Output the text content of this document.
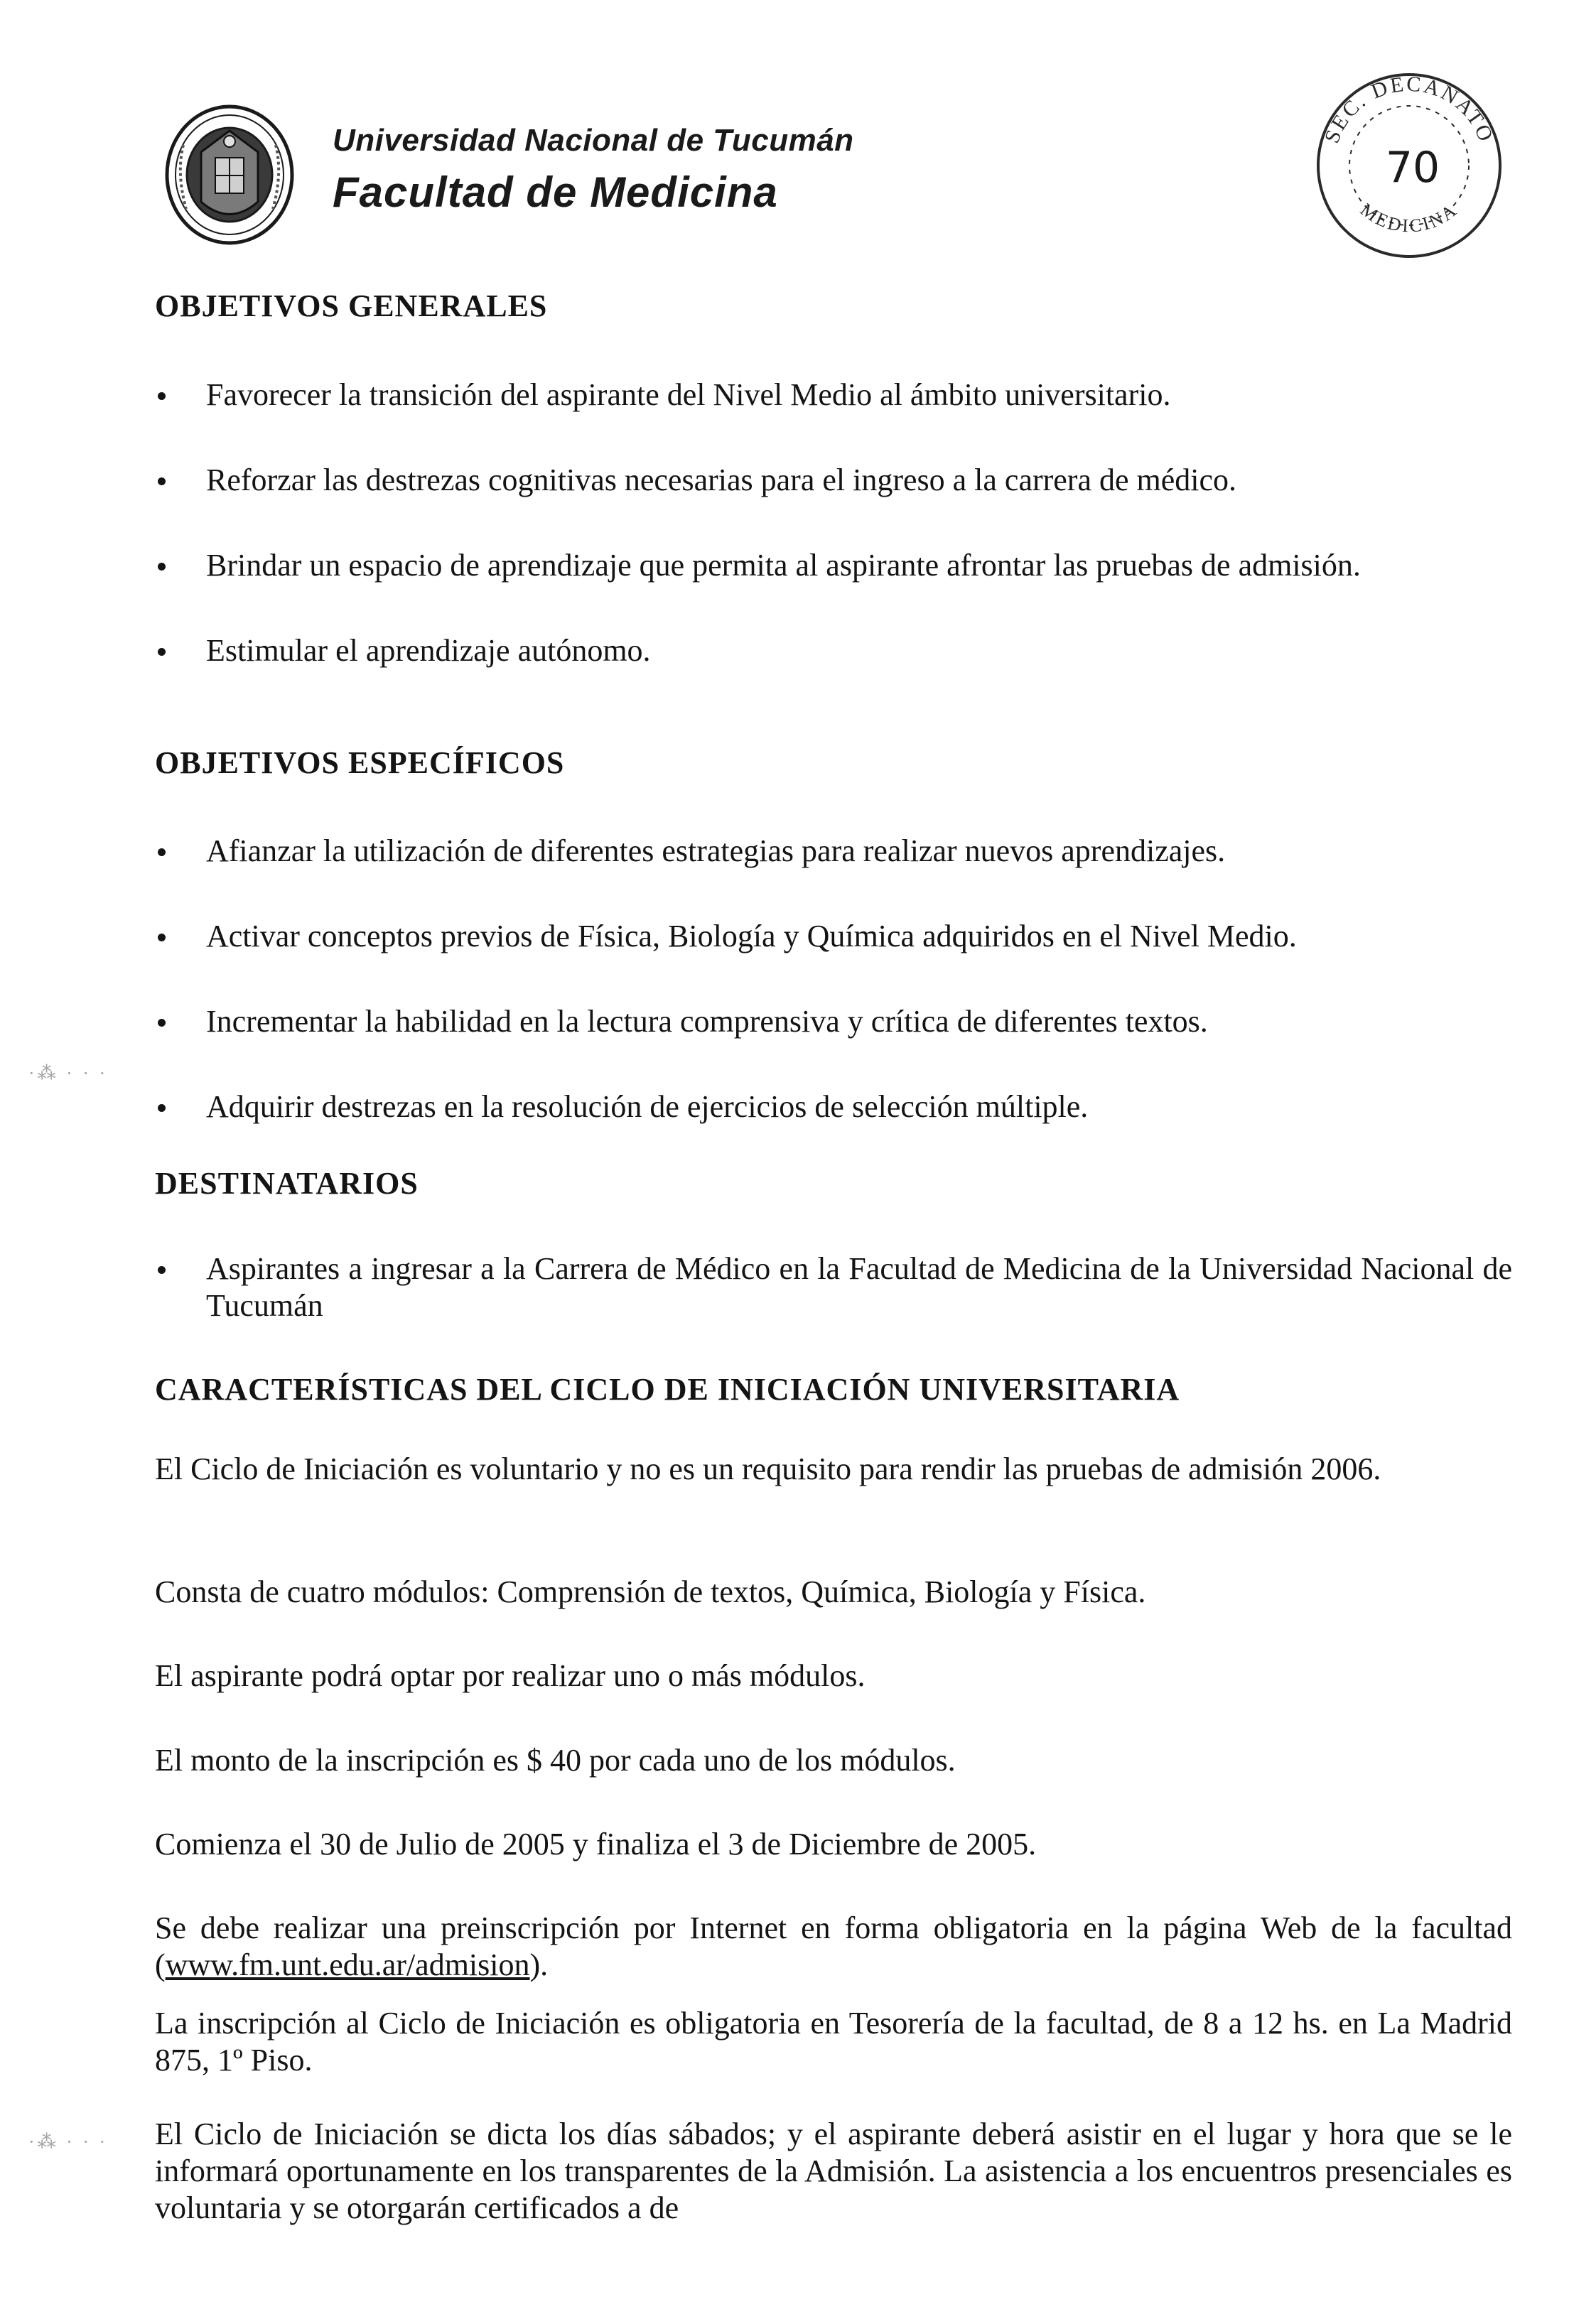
Universidad Nacional de Tucumán
Facultad de Medicina
SEC. DECANATO
MEDICINA
70
OBJETIVOS GENERALES
Favorecer la transición del aspirante del Nivel Medio al ámbito universitario.
Reforzar las destrezas cognitivas necesarias para el ingreso a la carrera de médico.
Brindar un espacio de aprendizaje que permita al aspirante afrontar las pruebas de admisión.
Estimular el aprendizaje autónomo.
OBJETIVOS ESPECÍFICOS
Afianzar la utilización de diferentes estrategias para realizar nuevos aprendizajes.
Activar conceptos previos de Física, Biología y Química adquiridos en el Nivel Medio.
Incrementar la habilidad en la lectura comprensiva y crítica de diferentes textos.
Adquirir destrezas en la resolución de ejercicios de selección múltiple.
DESTINATARIOS
Aspirantes a ingresar a la Carrera de Médico en la Facultad de Medicina de la Universidad Nacional de Tucumán
CARACTERÍSTICAS DEL CICLO DE INICIACIÓN UNIVERSITARIA

El Ciclo de Iniciación es voluntario y no es un requisito para rendir las pruebas de admisión 2006.

Consta de cuatro módulos: Comprensión de textos, Química, Biología y Física.

El aspirante podrá optar por realizar uno o más módulos.

El monto de la inscripción es $ 40 por cada uno de los módulos.

Comienza el 30 de Julio de 2005 y finaliza el 3 de Diciembre de 2005.

Se debe realizar una preinscripción por Internet en forma obligatoria en la página Web de la facultad (www.fm.unt.edu.ar/admision).

La inscripción al Ciclo de Iniciación es obligatoria en Tesorería de la facultad, de 8 a 12 hs. en La Madrid 875, 1º Piso.

El Ciclo de Iniciación se dicta los días sábados; y el aspirante deberá asistir en el lugar y hora que se le informará oportunamente en los transparentes de la Admisión. La asistencia a los encuentros presenciales es voluntaria y se otorgarán certificados a de

·⁂ · · ·
·⁂ · · ·
